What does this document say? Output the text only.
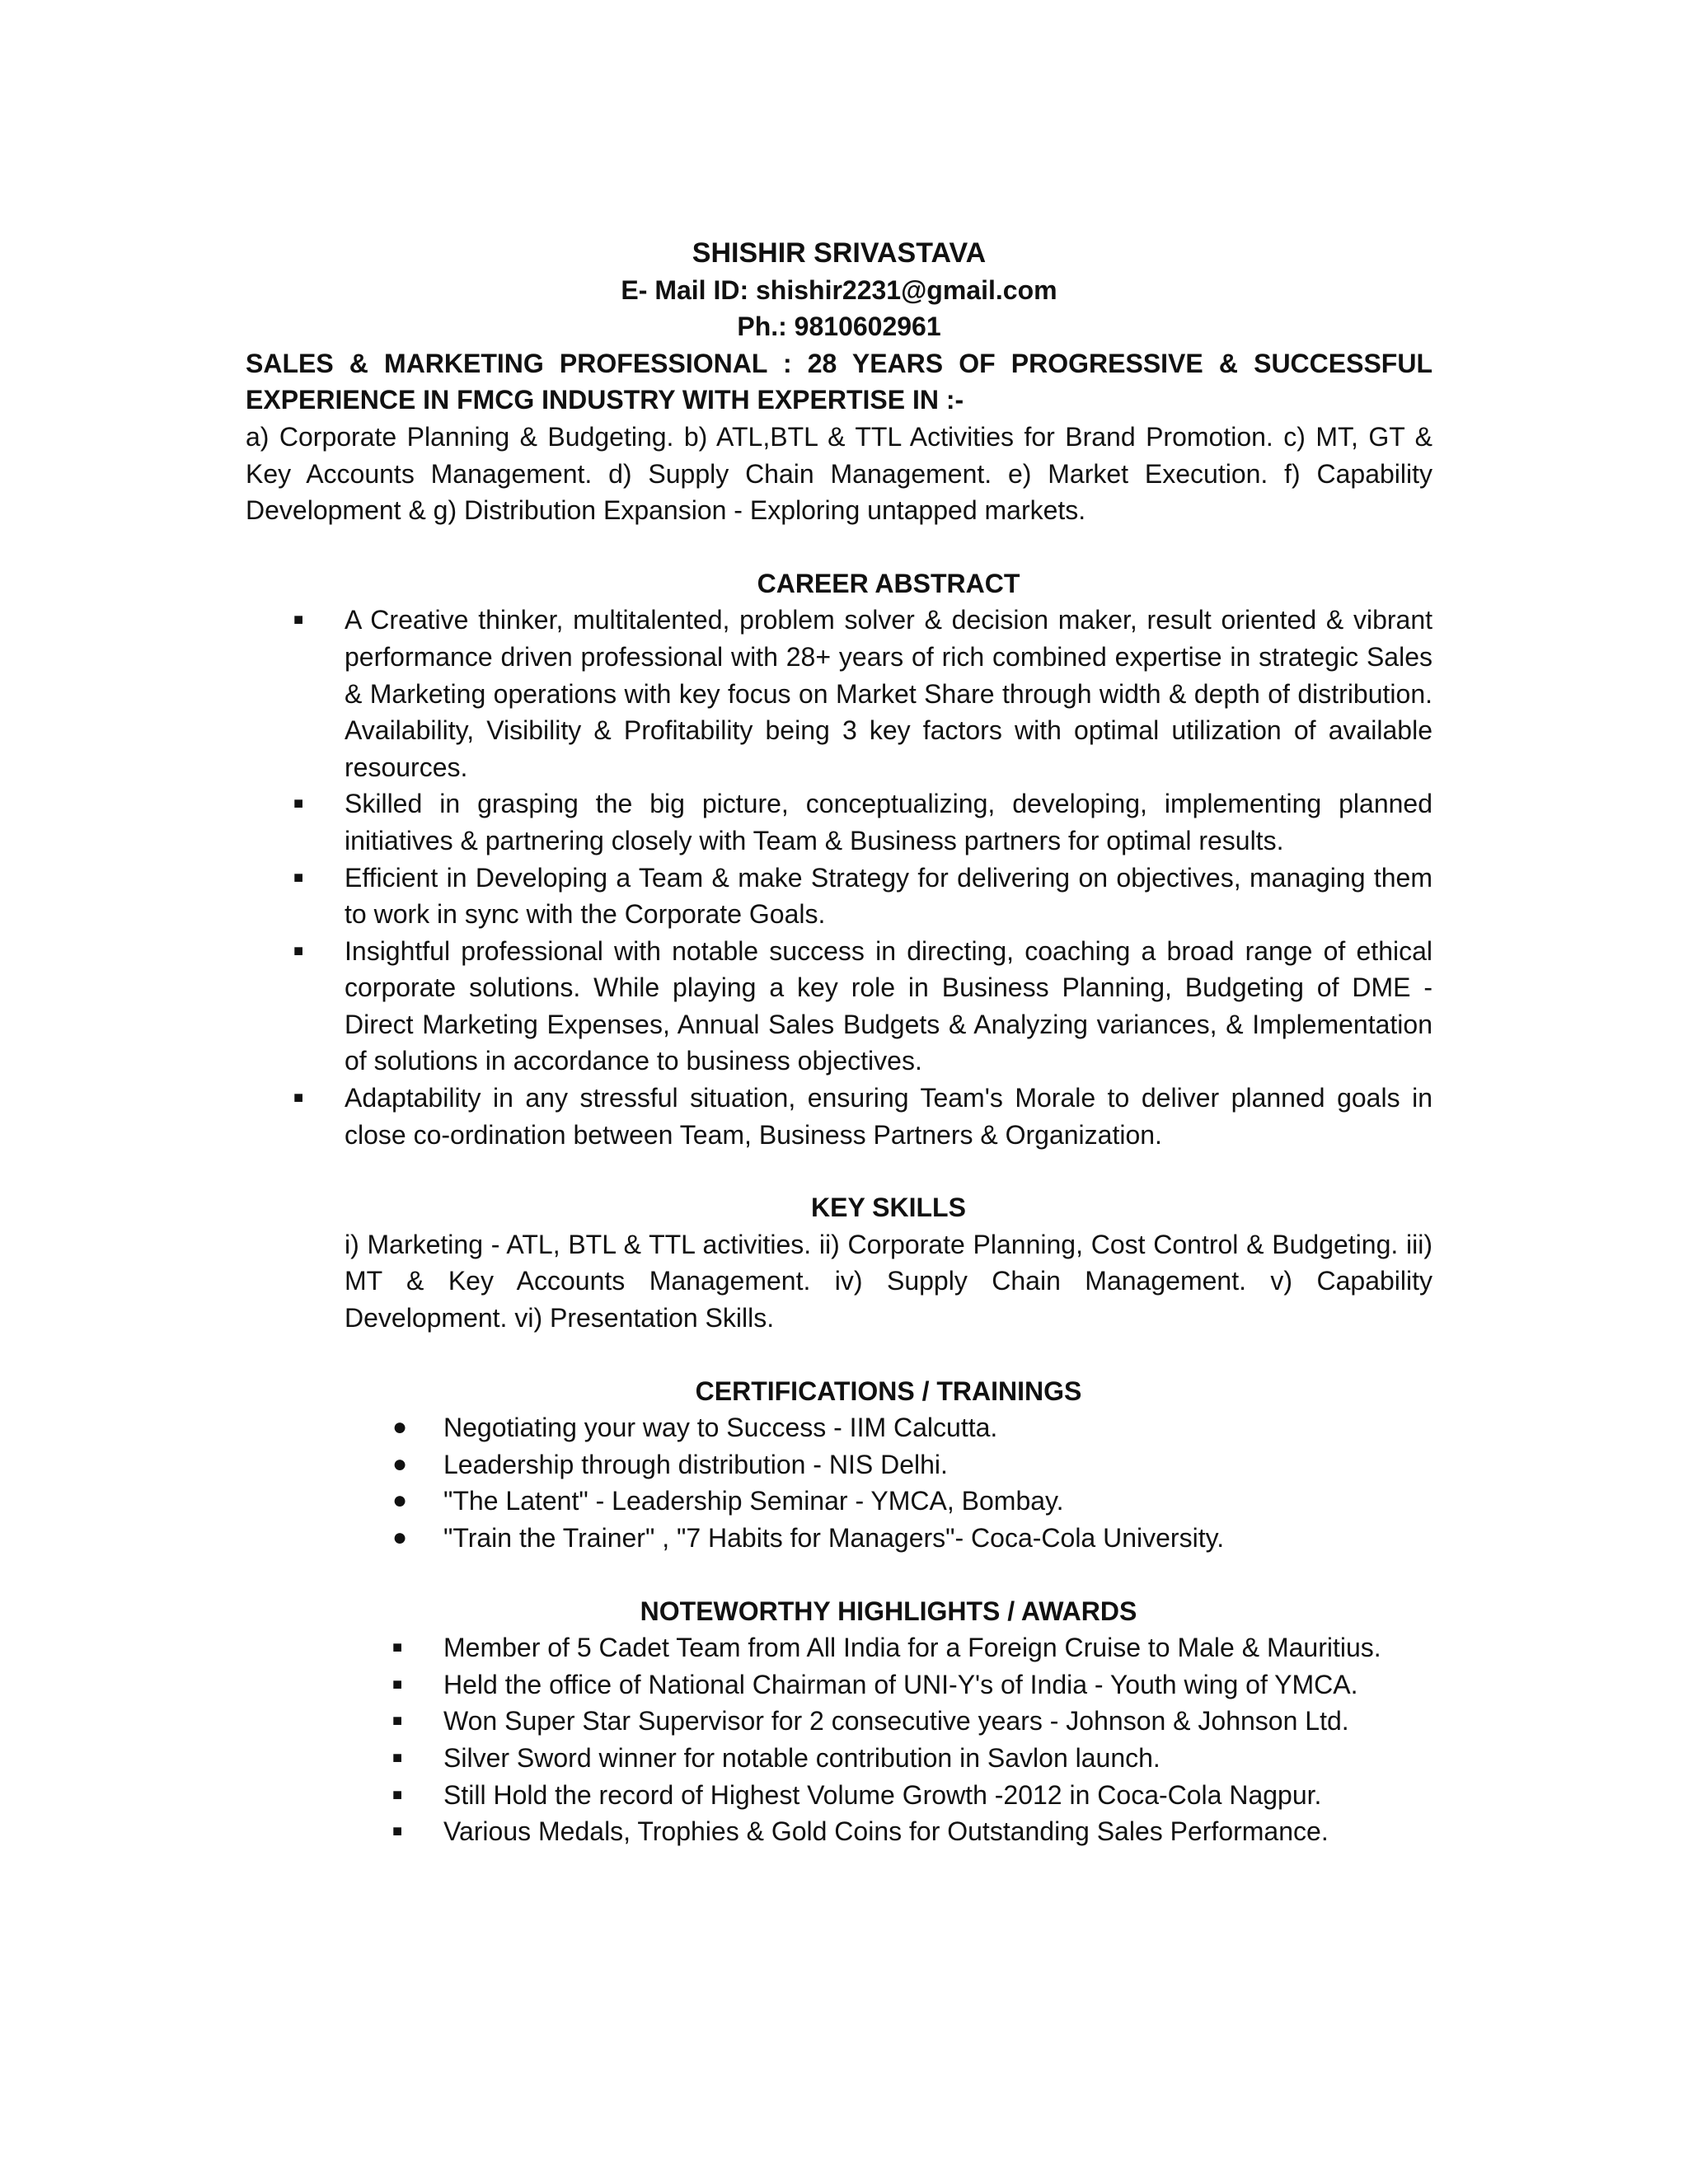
SHISHIR SRIVASTAVA
E- Mail ID: shishir2231@gmail.com
Ph.: 9810602961
SALES & MARKETING PROFESSIONAL : 28 YEARS OF PROGRESSIVE & SUCCESSFUL EXPERIENCE IN FMCG INDUSTRY WITH EXPERTISE IN :-
a) Corporate Planning & Budgeting. b) ATL,BTL & TTL Activities for Brand Promotion. c) MT, GT & Key Accounts Management. d) Supply Chain Management. e) Market Execution. f) Capability Development & g) Distribution Expansion - Exploring untapped markets.
CAREER ABSTRACT
■ A Creative thinker, multitalented, problem solver & decision maker, result oriented & vibrant performance driven professional with 28+ years of rich combined expertise in strategic Sales & Marketing operations with key focus on Market Share through width & depth of distribution. Availability, Visibility & Profitability being 3 key factors with optimal utilization of available resources.
■ Skilled in grasping the big picture, conceptualizing, developing, implementing planned initiatives & partnering closely with Team & Business partners for optimal results.
■ Efficient in Developing a Team & make Strategy for delivering on objectives, managing them to work in sync with the Corporate Goals.
■ Insightful professional with notable success in directing, coaching a broad range of ethical corporate solutions. While playing a key role in Business Planning, Budgeting of DME - Direct Marketing Expenses, Annual Sales Budgets & Analyzing variances, & Implementation of solutions in accordance to business objectives.
■ Adaptability in any stressful situation, ensuring Team's Morale to deliver planned goals in close co-ordination between Team, Business Partners & Organization.
KEY SKILLS
i) Marketing - ATL, BTL & TTL activities. ii) Corporate Planning, Cost Control & Budgeting. iii) MT & Key Accounts Management. iv) Supply Chain Management. v) Capability Development. vi) Presentation Skills.
CERTIFICATIONS / TRAININGS
● Negotiating your way to Success - IIM Calcutta.
● Leadership through distribution - NIS Delhi.
● "The Latent" - Leadership Seminar - YMCA, Bombay.
● "Train the Trainer" , "7 Habits for Managers"- Coca-Cola University.
NOTEWORTHY HIGHLIGHTS / AWARDS
■ Member of 5 Cadet Team from All India for a Foreign Cruise to Male & Mauritius.
■ Held the office of National Chairman of UNI-Y's of India - Youth wing of YMCA.
■ Won Super Star Supervisor for 2 consecutive years - Johnson & Johnson Ltd.
■ Silver Sword winner for notable contribution in Savlon launch.
■ Still Hold the record of Highest Volume Growth -2012 in Coca-Cola Nagpur.
■ Various Medals, Trophies & Gold Coins for Outstanding Sales Performance.
